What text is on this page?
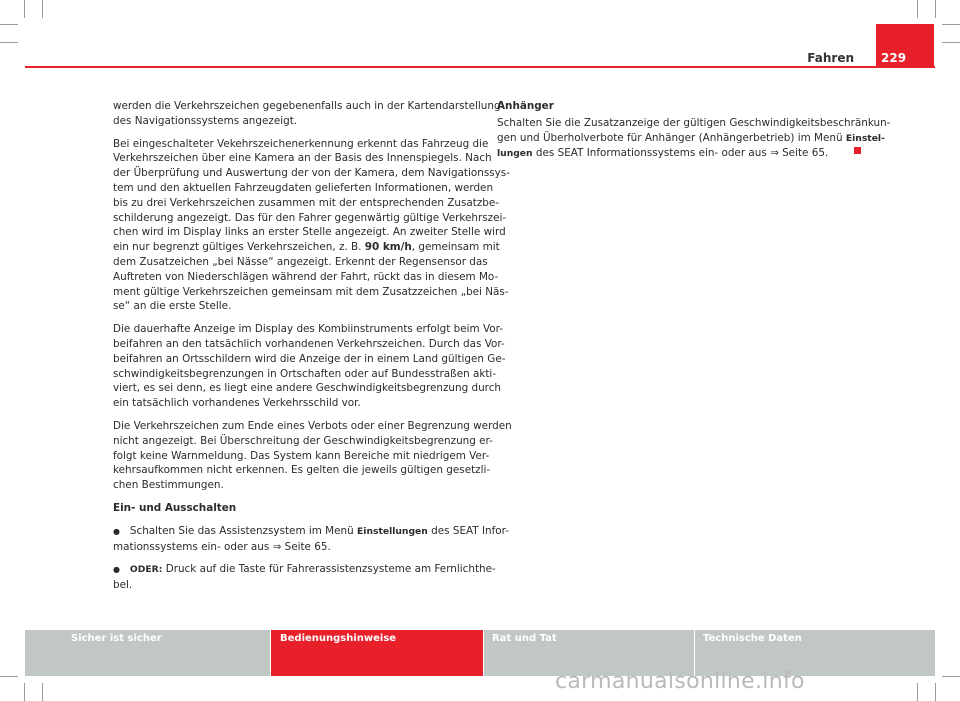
Fahren 229

werden die Verkehrszeichen gegebenenfalls auch in der Kartendarstellung
des Navigationssystems angezeigt.

Bei eingeschalteter Vekehrszeichenerkennung erkennt das Fahrzeug die
Verkehrszeichen über eine Kamera an der Basis des Innenspiegels. Nach
der Überprüfung und Auswertung der von der Kamera, dem Navigationssys-
tem und den aktuellen Fahrzeugdaten gelieferten Informationen, werden
bis zu drei Verkehrszeichen zusammen mit der entsprechenden Zusatzbe-
schilderung angezeigt. Das für den Fahrer gegenwärtig gültige Verkehrszei-
chen wird im Display links an erster Stelle angezeigt. An zweiter Stelle wird
ein nur begrenzt gültiges Verkehrszeichen, z. B. 90 km/h, gemeinsam mit
dem Zusatzeichen „bei Nässe“ angezeigt. Erkennt der Regensensor das
Auftreten von Niederschlägen während der Fahrt, rückt das in diesem Mo-
ment gültige Verkehrszeichen gemeinsam mit dem Zusatzzeichen „bei Näs-
se“ an die erste Stelle.

Die dauerhafte Anzeige im Display des Kombiinstruments erfolgt beim Vor-
beifahren an den tatsächlich vorhandenen Verkehrszeichen. Durch das Vor-
beifahren an Ortsschildern wird die Anzeige der in einem Land gültigen Ge-
schwindigkeitsbegrenzungen in Ortschaften oder auf Bundesstraßen akti-
viert, es sei denn, es liegt eine andere Geschwindigkeitsbegrenzung durch
ein tatsächlich vorhandenes Verkehrsschild vor.

Die Verkehrszeichen zum Ende eines Verbots oder einer Begrenzung werden
nicht angezeigt. Bei Überschreitung der Geschwindigkeitsbegrenzung er-
folgt keine Warnmeldung. Das System kann Bereiche mit niedrigem Ver-
kehrsaufkommen nicht erkennen. Es gelten die jeweils gültigen gesetzli-
chen Bestimmungen.

Ein- und Ausschalten

● Schalten Sie das Assistenzsystem im Menü Einstellungen des SEAT Infor-
mationssystems ein- oder aus ⇒ Seite 65.

● ODER: Druck auf die Taste für Fahrerassistenzsysteme am Fernlichthe-
bel.

Anhänger

Schalten Sie die Zusatzanzeige der gültigen Geschwindigkeitsbeschränkun-
gen und Überholverbote für Anhänger (Anhängerbetrieb) im Menü Einstel-
lungen des SEAT Informationssystems ein- oder aus ⇒ Seite 65.

Sicher ist sicher	Bedienungshinweise	Rat und Tat	Technische Daten
carmanualsonline.info
